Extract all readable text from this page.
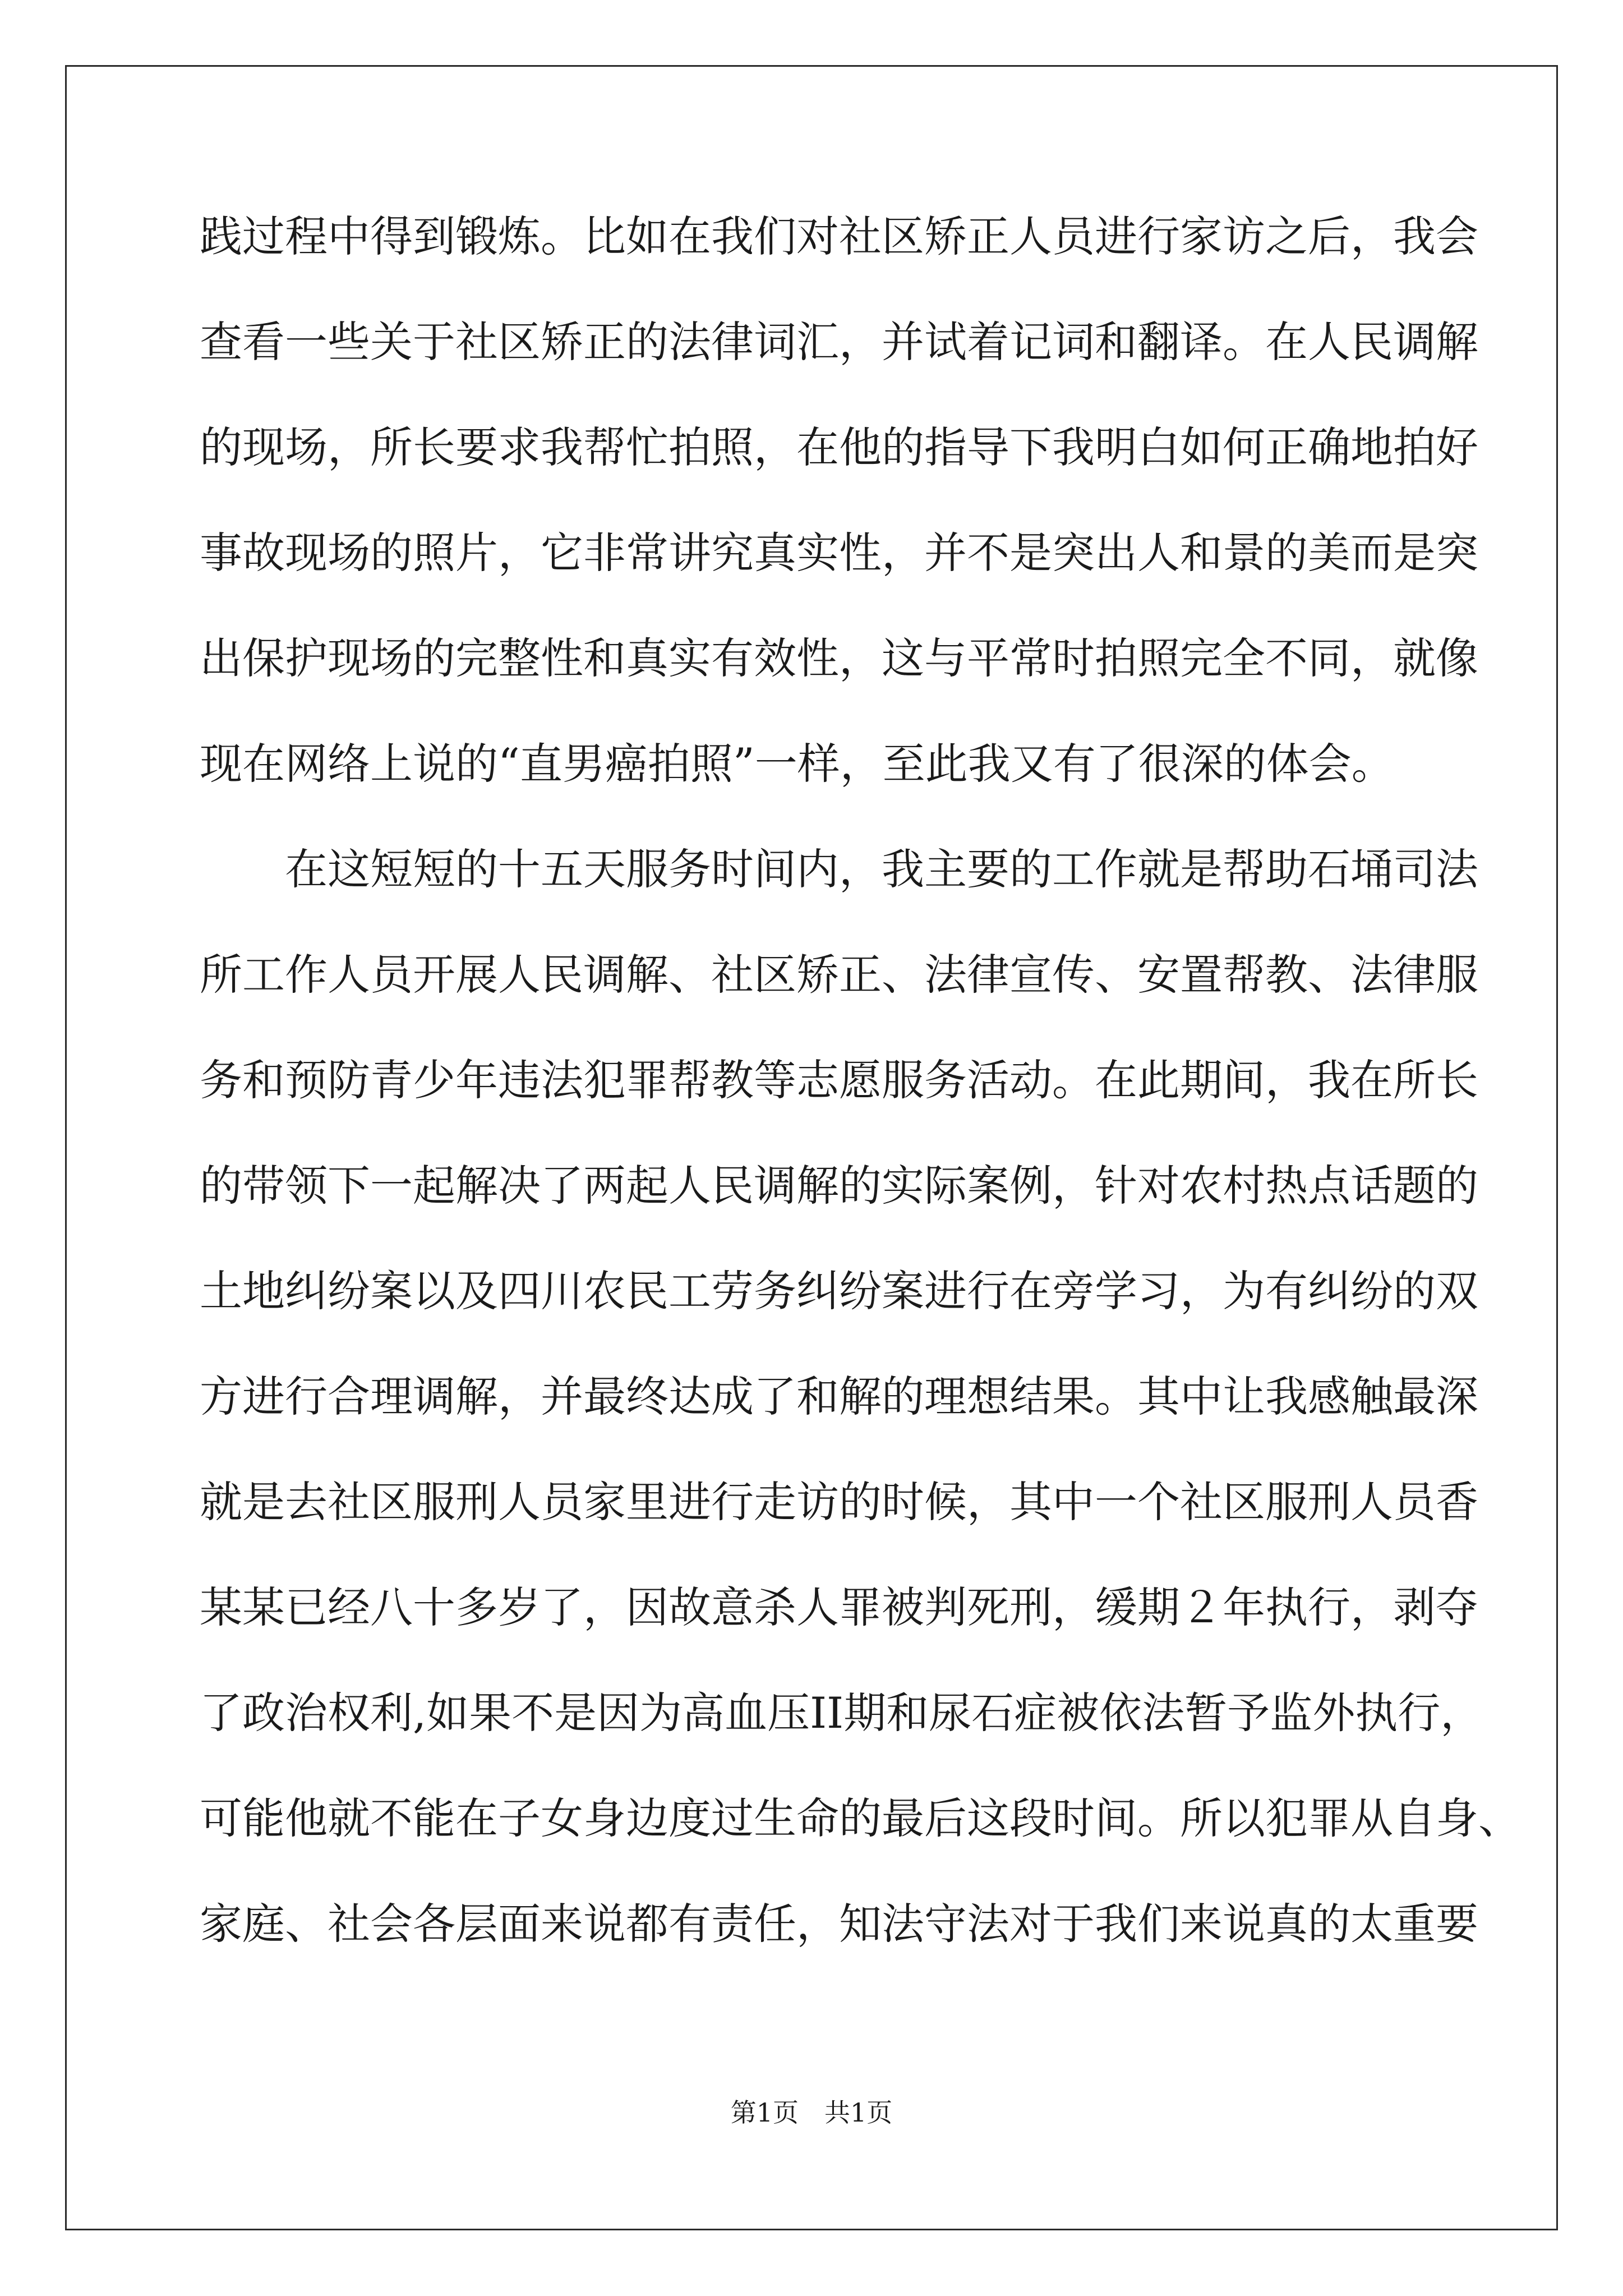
践过程中得到锻炼。比如在我们对社区矫正人员进行家访之后，我会
查看一些关于社区矫正的法律词汇，并试着记词和翻译。在人民调解
的现场，所长要求我帮忙拍照，在他的指导下我明白如何正确地拍好
事故现场的照片，它非常讲究真实性，并不是突出人和景的美而是突
出保护现场的完整性和真实有效性，这与平常时拍照完全不同，就像
现在网络上说的“直男癌拍照”一样，至此我又有了很深的体会。
在这短短的十五天服务时间内，我主要的工作就是帮助石埇司法
所工作人员开展人民调解、社区矫正、法律宣传、安置帮教、法律服
务和预防青少年违法犯罪帮教等志愿服务活动。在此期间，我在所长
的带领下一起解决了两起人民调解的实际案例，针对农村热点话题的
土地纠纷案以及四川农民工劳务纠纷案进行在旁学习，为有纠纷的双
方进行合理调解，并最终达成了和解的理想结果。其中让我感触最深
就是去社区服刑人员家里进行走访的时候，其中一个社区服刑人员香
某某已经八十多岁了，因故意杀人罪被判死刑，缓期２年执行，剥夺
了政治权利,如果不是因为高血压II期和尿石症被依法暂予监外执行，
可能他就不能在子女身边度过生命的最后这段时间。所以犯罪从自身、
家庭、社会各层面来说都有责任，知法守法对于我们来说真的太重要
第1页　共1页
